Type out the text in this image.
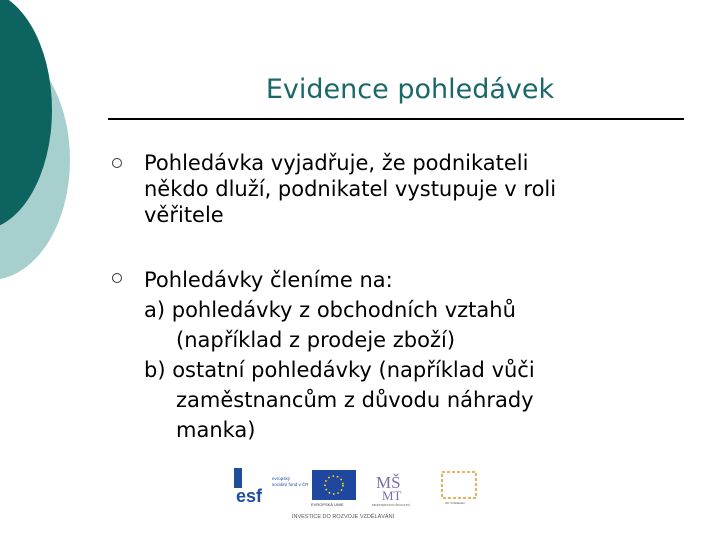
Evidence pohledávek
Pohledávka vyjadřuje, že podnikateli
někdo dluží, podnikatel vystupuje v roli
věřitele
Pohledávky členíme na:
a) pohledávky z obchodních vztahů
(například z prodeje zboží)
b) ostatní pohledávky (například vůči
zaměstnancům z důvodu náhrady
manka)
esf
evropský
sociální fond v ČR
EVROPSKÁ UNIE
MŠ
MT
MINISTERSTVO ŠKOLSTVÍ	OP Vzdělávání
INVESTICE DO ROZVOJE VZDĚLÁVÁNÍ
